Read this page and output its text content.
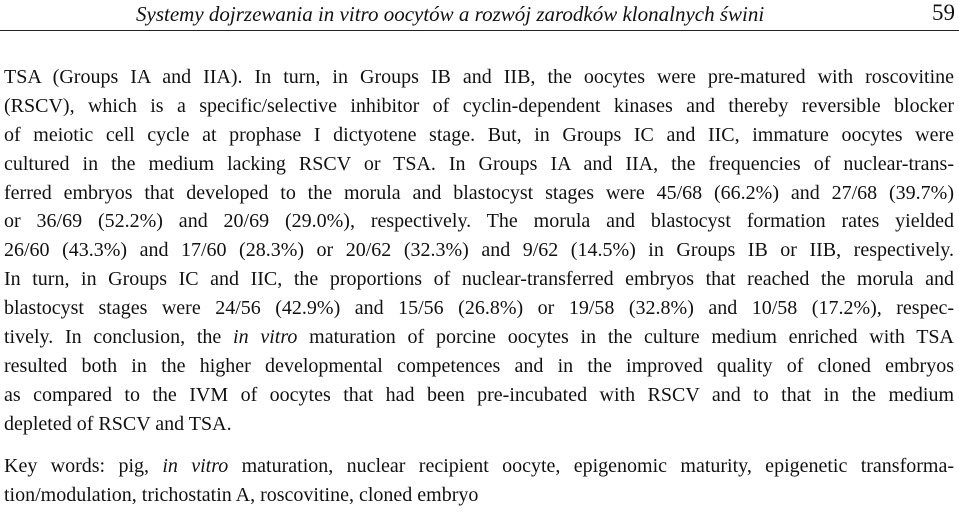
Systemy dojrzewania in vitro oocytów a rozwój zarodków klonalnych świni	59
TSA (Groups IA and IIA). In turn, in Groups IB and IIB, the oocytes were pre-matured with roscovitine
(RSCV), which is a specific/selective inhibitor of cyclin-dependent kinases and thereby reversible blocker
of meiotic cell cycle at prophase I dictyotene stage. But, in Groups IC and IIC, immature oocytes were
cultured in the medium lacking RSCV or TSA. In Groups IA and IIA, the frequencies of nuclear-trans-
ferred embryos that developed to the morula and blastocyst stages were 45/68 (66.2%) and 27/68 (39.7%)
or 36/69 (52.2%) and 20/69 (29.0%), respectively. The morula and blastocyst formation rates yielded
26/60 (43.3%) and 17/60 (28.3%) or 20/62 (32.3%) and 9/62 (14.5%) in Groups IB or IIB, respectively.
In turn, in Groups IC and IIC, the proportions of nuclear-transferred embryos that reached the morula and
blastocyst stages were 24/56 (42.9%) and 15/56 (26.8%) or 19/58 (32.8%) and 10/58 (17.2%), respec-
tively. In conclusion, the in vitro maturation of porcine oocytes in the culture medium enriched with TSA
resulted both in the higher developmental competences and in the improved quality of cloned embryos
as compared to the IVM of oocytes that had been pre-incubated with RSCV and to that in the medium
depleted of RSCV and TSA.
Key words: pig, in vitro maturation, nuclear recipient oocyte, epigenomic maturity, epigenetic transforma-
tion/modulation, trichostatin A, roscovitine, cloned embryo
